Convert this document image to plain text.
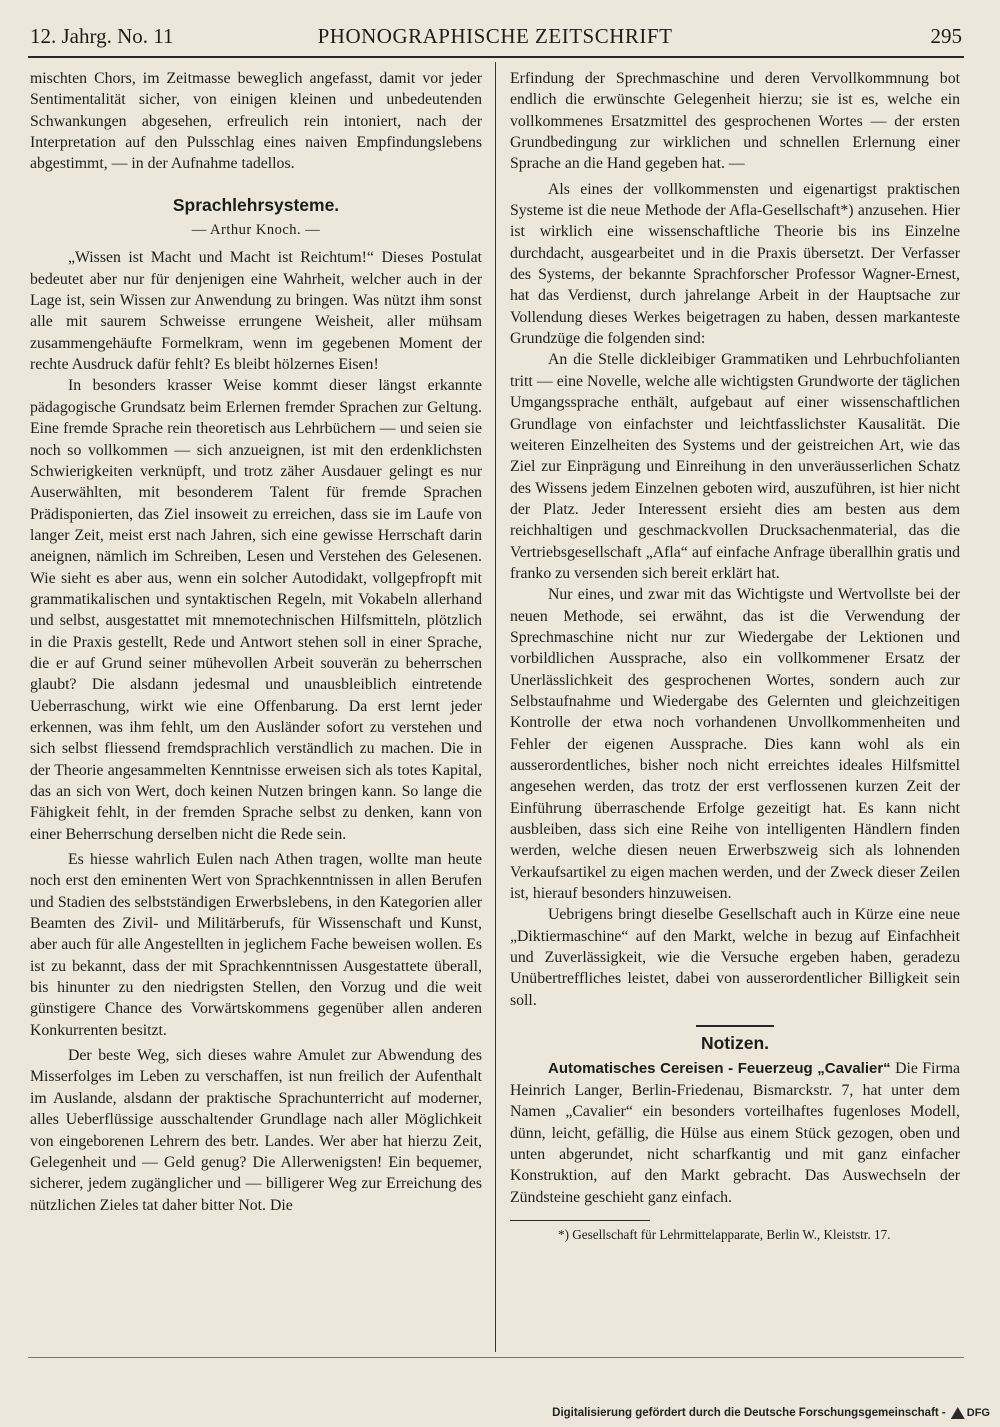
12. Jahrg. No. 11	PHONOGRAPHISCHE ZEITSCHRIFT	295

mischten Chors, im Zeitmasse beweglich angefasst, damit vor jeder Sentimentalität sicher, von einigen kleinen und unbedeutenden Schwankungen abgesehen, erfreulich rein intoniert, nach der Interpretation auf den Pulsschlag eines naiven Empfindungslebens abgestimmt, — in der Aufnahme tadellos.

Sprachlehrsysteme.
— Arthur Knoch. —

„Wissen ist Macht und Macht ist Reichtum!“ Dieses Postulat bedeutet aber nur für denjenigen eine Wahrheit, welcher auch in der Lage ist, sein Wissen zur Anwendung zu bringen. Was nützt ihm sonst alle mit saurem Schweisse errungene Weisheit, aller mühsam zusammengehäufte Formelkram, wenn im gegebenen Moment der rechte Ausdruck dafür fehlt? Es bleibt hölzernes Eisen!

In besonders krasser Weise kommt dieser längst erkannte pädagogische Grundsatz beim Erlernen fremder Sprachen zur Geltung. Eine fremde Sprache rein theoretisch aus Lehrbüchern — und seien sie noch so vollkommen — sich anzueignen, ist mit den erdenklichsten Schwierigkeiten verknüpft, und trotz zäher Ausdauer gelingt es nur Auserwählten, mit besonderem Talent für fremde Sprachen Prädisponierten, das Ziel insoweit zu erreichen, dass sie im Laufe von langer Zeit, meist erst nach Jahren, sich eine gewisse Herrschaft darin aneignen, nämlich im Schreiben, Lesen und Verstehen des Gelesenen. Wie sieht es aber aus, wenn ein solcher Autodidakt, vollgepfropft mit grammatikalischen und syntaktischen Regeln, mit Vokabeln allerhand und selbst, ausgestattet mit mnemotechnischen Hilfsmitteln, plötzlich in die Praxis gestellt, Rede und Antwort stehen soll in einer Sprache, die er auf Grund seiner mühevollen Arbeit souverän zu beherrschen glaubt? Die alsdann jedesmal und unausbleiblich eintretende Ueberraschung, wirkt wie eine Offenbarung. Da erst lernt jeder erkennen, was ihm fehlt, um den Ausländer sofort zu verstehen und sich selbst fliessend fremdsprachlich verständlich zu machen. Die in der Theorie angesammelten Kenntnisse erweisen sich als totes Kapital, das an sich von Wert, doch keinen Nutzen bringen kann. So lange die Fähigkeit fehlt, in der fremden Sprache selbst zu denken, kann von einer Beherrschung derselben nicht die Rede sein.

Es hiesse wahrlich Eulen nach Athen tragen, wollte man heute noch erst den eminenten Wert von Sprachkenntnissen in allen Berufen und Stadien des selbstständigen Erwerbslebens, in den Kategorien aller Beamten des Zivil- und Militärberufs, für Wissenschaft und Kunst, aber auch für alle Angestellten in jeglichem Fache beweisen wollen. Es ist zu bekannt, dass der mit Sprachkenntnissen Ausgestattete überall, bis hinunter zu den niedrigsten Stellen, den Vorzug und die weit günstigere Chance des Vorwärtskommens gegenüber allen anderen Konkurrenten besitzt.

Der beste Weg, sich dieses wahre Amulet zur Abwendung des Misserfolges im Leben zu verschaffen, ist nun freilich der Aufenthalt im Auslande, alsdann der praktische Sprachunterricht auf moderner, alles Ueberflüssige ausschaltender Grundlage nach aller Möglichkeit von eingeborenen Lehrern des betr. Landes. Wer aber hat hierzu Zeit, Gelegenheit und — Geld genug? Die Allerwenigsten! Ein bequemer, sicherer, jedem zugänglicher und — billigerer Weg zur Erreichung des nützlichen Zieles tat daher bitter Not. Die

Erfindung der Sprechmaschine und deren Vervollkommnung bot endlich die erwünschte Gelegenheit hierzu; sie ist es, welche ein vollkommenes Ersatzmittel des gesprochenen Wortes — der ersten Grundbedingung zur wirklichen und schnellen Erlernung einer Sprache an die Hand gegeben hat. —

Als eines der vollkommensten und eigenartigst praktischen Systeme ist die neue Methode der Afla-Gesellschaft*) anzusehen. Hier ist wirklich eine wissenschaftliche Theorie bis ins Einzelne durchdacht, ausgearbeitet und in die Praxis übersetzt. Der Verfasser des Systems, der bekannte Sprachforscher Professor Wagner-Ernest, hat das Verdienst, durch jahrelange Arbeit in der Hauptsache zur Vollendung dieses Werkes beigetragen zu haben, dessen markanteste Grundzüge die folgenden sind:

An die Stelle dickleibiger Grammatiken und Lehrbuchfolianten tritt — eine Novelle, welche alle wichtigsten Grundworte der täglichen Umgangssprache enthält, aufgebaut auf einer wissenschaftlichen Grundlage von einfachster und leichtfasslichster Kausalität. Die weiteren Einzelheiten des Systems und der geistreichen Art, wie das Ziel zur Einprägung und Einreihung in den unveräusserlichen Schatz des Wissens jedem Einzelnen geboten wird, auszuführen, ist hier nicht der Platz. Jeder Interessent ersieht dies am besten aus dem reichhaltigen und geschmackvollen Drucksachenmaterial, das die Vertriebsgesellschaft „Afla“ auf einfache Anfrage überallhin gratis und franko zu versenden sich bereit erklärt hat.

Nur eines, und zwar mit das Wichtigste und Wertvollste bei der neuen Methode, sei erwähnt, das ist die Verwendung der Sprechmaschine nicht nur zur Wiedergabe der Lektionen und vorbildlichen Aussprache, also ein vollkommener Ersatz der Unerlässlichkeit des gesprochenen Wortes, sondern auch zur Selbstaufnahme und Wiedergabe des Gelernten und gleichzeitigen Kontrolle der etwa noch vorhandenen Unvollkommenheiten und Fehler der eigenen Aussprache. Dies kann wohl als ein ausserordentliches, bisher noch nicht erreichtes ideales Hilfsmittel angesehen werden, das trotz der erst verflossenen kurzen Zeit der Einführung überraschende Erfolge gezeitigt hat. Es kann nicht ausbleiben, dass sich eine Reihe von intelligenten Händlern finden werden, welche diesen neuen Erwerbszweig sich als lohnenden Verkaufsartikel zu eigen machen werden, und der Zweck dieser Zeilen ist, hierauf besonders hinzuweisen.

Uebrigens bringt dieselbe Gesellschaft auch in Kürze eine neue „Diktiermaschine“ auf den Markt, welche in bezug auf Einfachheit und Zuverlässigkeit, wie die Versuche ergeben haben, geradezu Unübertreffliches leistet, dabei von ausserordentlicher Billigkeit sein soll.

Notizen.

Automatisches Cereisen - Feuerzeug „Cavalier“ Die Firma Heinrich Langer, Berlin-Friedenau, Bismarckstr. 7, hat unter dem Namen „Cavalier“ ein besonders vorteilhaftes fugenloses Modell, dünn, leicht, gefällig, die Hülse aus einem Stück gezogen, oben und unten abgerundet, nicht scharfkantig und mit ganz einfacher Konstruktion, auf den Markt gebracht. Das Auswechseln der Zündsteine geschieht ganz einfach.

*) Gesellschaft für Lehrmittelapparate, Berlin W., Kleiststr. 17.
Digitalisierung gefördert durch die Deutsche Forschungsgemeinschaft - DFG
